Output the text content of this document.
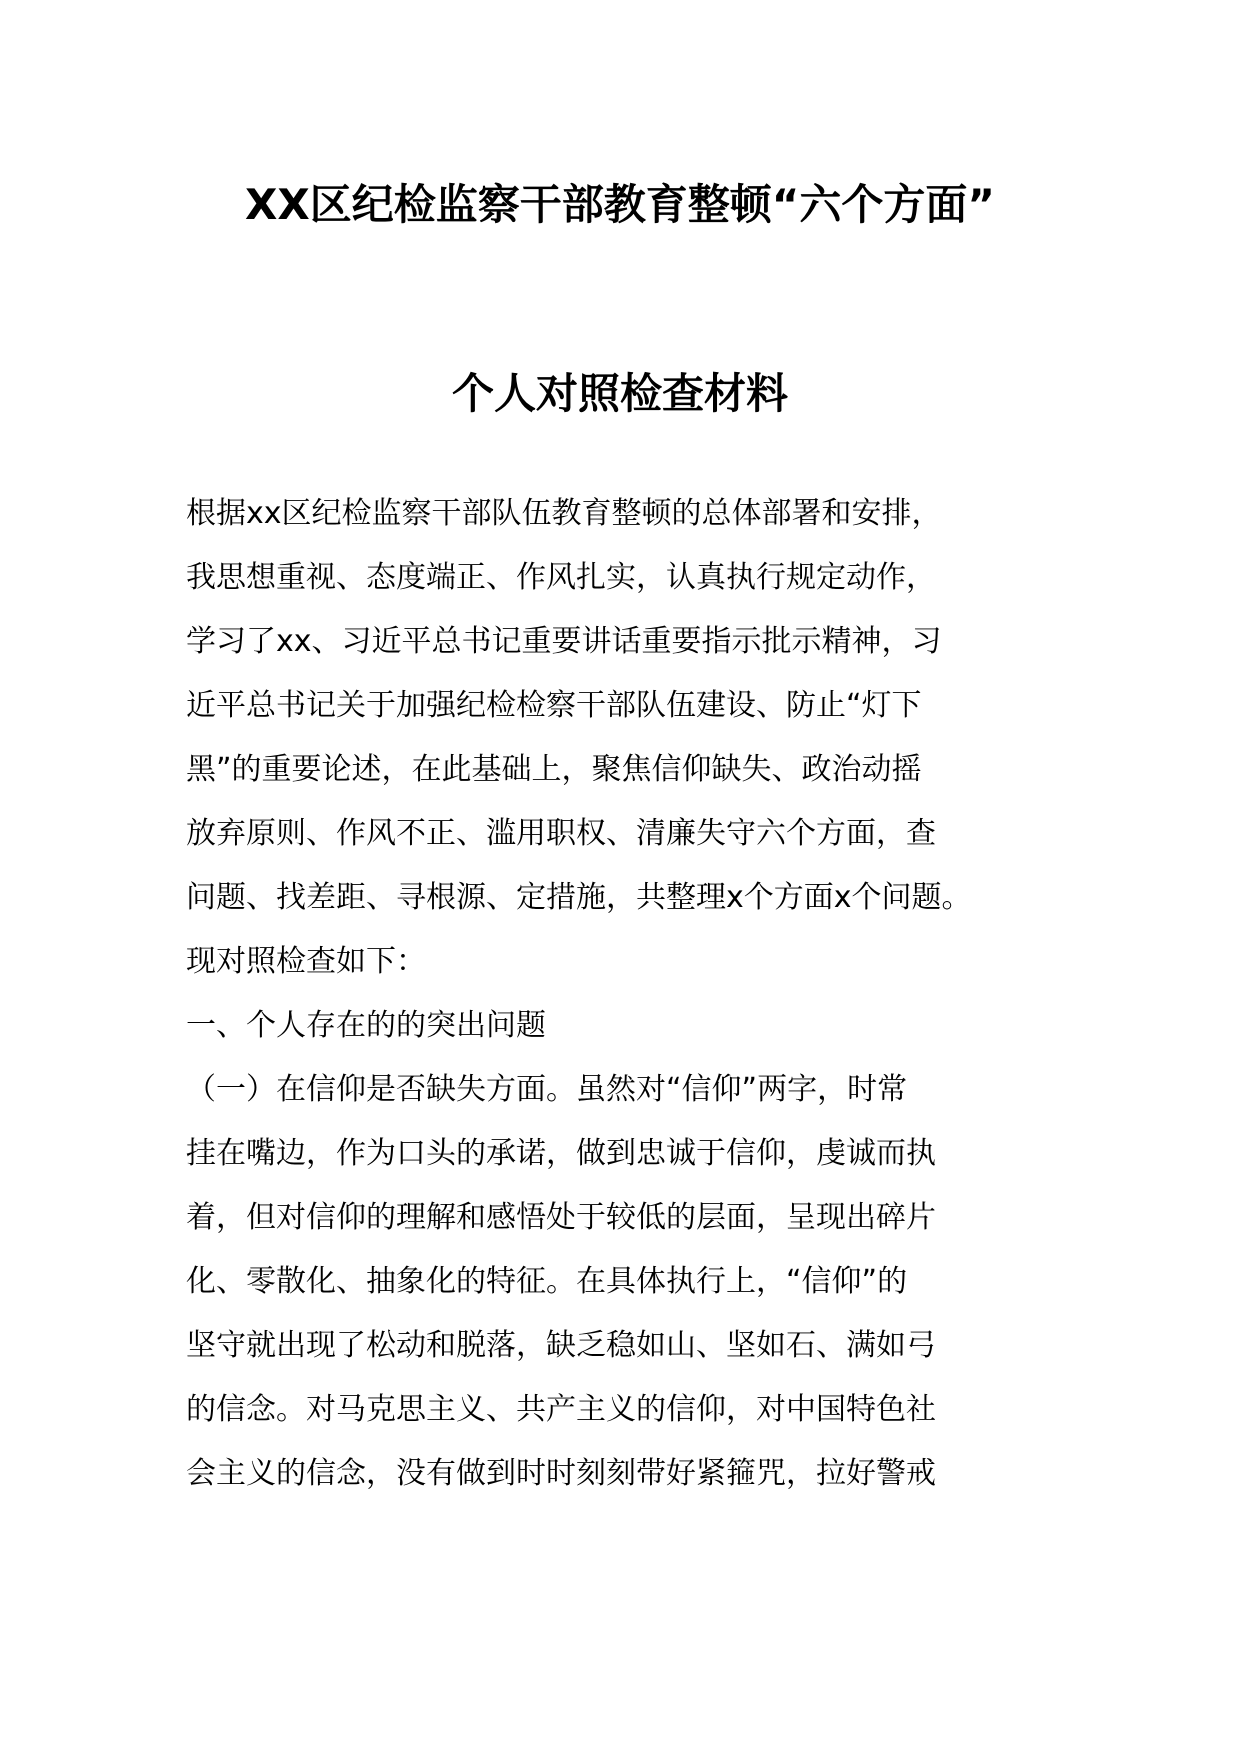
XX区纪检监察干部教育整顿“六个方面”
个人对照检查材料
根据xx区纪检监察干部队伍教育整顿的总体部署和安排，
我思想重视、态度端正、作风扎实，认真执行规定动作，
学习了xx、习近平总书记重要讲话重要指示批示精神，习
近平总书记关于加强纪检检察干部队伍建设、防止“灯下
黑”的重要论述，在此基础上，聚焦信仰缺失、政治动摇
放弃原则、作风不正、滥用职权、清廉失守六个方面，查
问题、找差距、寻根源、定措施，共整理x个方面x个问题。
现对照检查如下：
一、个人存在的的突出问题
（一）在信仰是否缺失方面。虽然对“信仰”两字，时常
挂在嘴边，作为口头的承诺，做到忠诚于信仰，虔诚而执
着，但对信仰的理解和感悟处于较低的层面，呈现出碎片
化、零散化、抽象化的特征。在具体执行上，“信仰”的
坚守就出现了松动和脱落，缺乏稳如山、坚如石、满如弓
的信念。对马克思主义、共产主义的信仰，对中国特色社
会主义的信念，没有做到时时刻刻带好紧箍咒，拉好警戒
